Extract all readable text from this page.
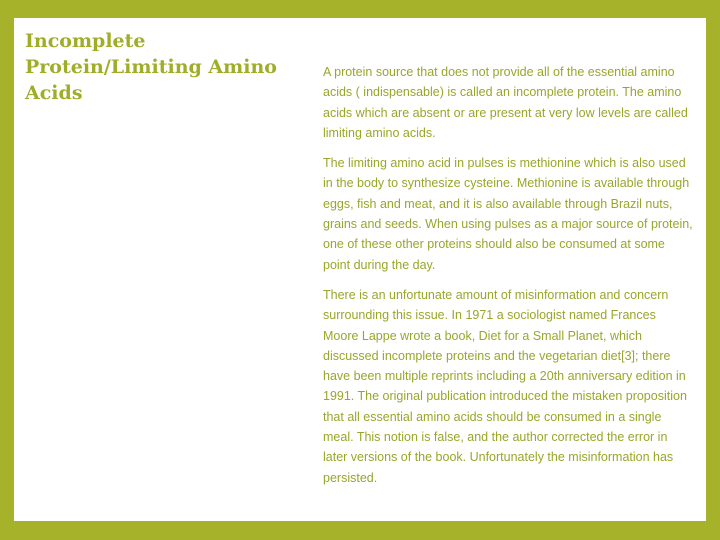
Incomplete Protein/Limiting Amino Acids

A protein source that does not provide all of the essential amino acids ( indispensable) is called an incomplete protein. The amino acids which are absent or are present at very low levels are called limiting amino acids.

The limiting amino acid in pulses is methionine which is also used in the body to synthesize cysteine. Methionine is available through eggs, fish and meat, and it is also available through Brazil nuts, grains and seeds. When using pulses as a major source of protein, one of these other proteins should also be consumed at some point during the day.

There is an unfortunate amount of misinformation and concern surrounding this issue. In 1971 a sociologist named Frances Moore Lappe wrote a book, Diet for a Small Planet, which discussed incomplete proteins and the vegetarian diet[3]; there have been multiple reprints including a 20th anniversary edition in 1991. The original publication introduced the mistaken proposition that all essential amino acids should be consumed in a single meal. This notion is false, and the author corrected the error in later versions of the book. Unfortunately the misinformation has persisted.
